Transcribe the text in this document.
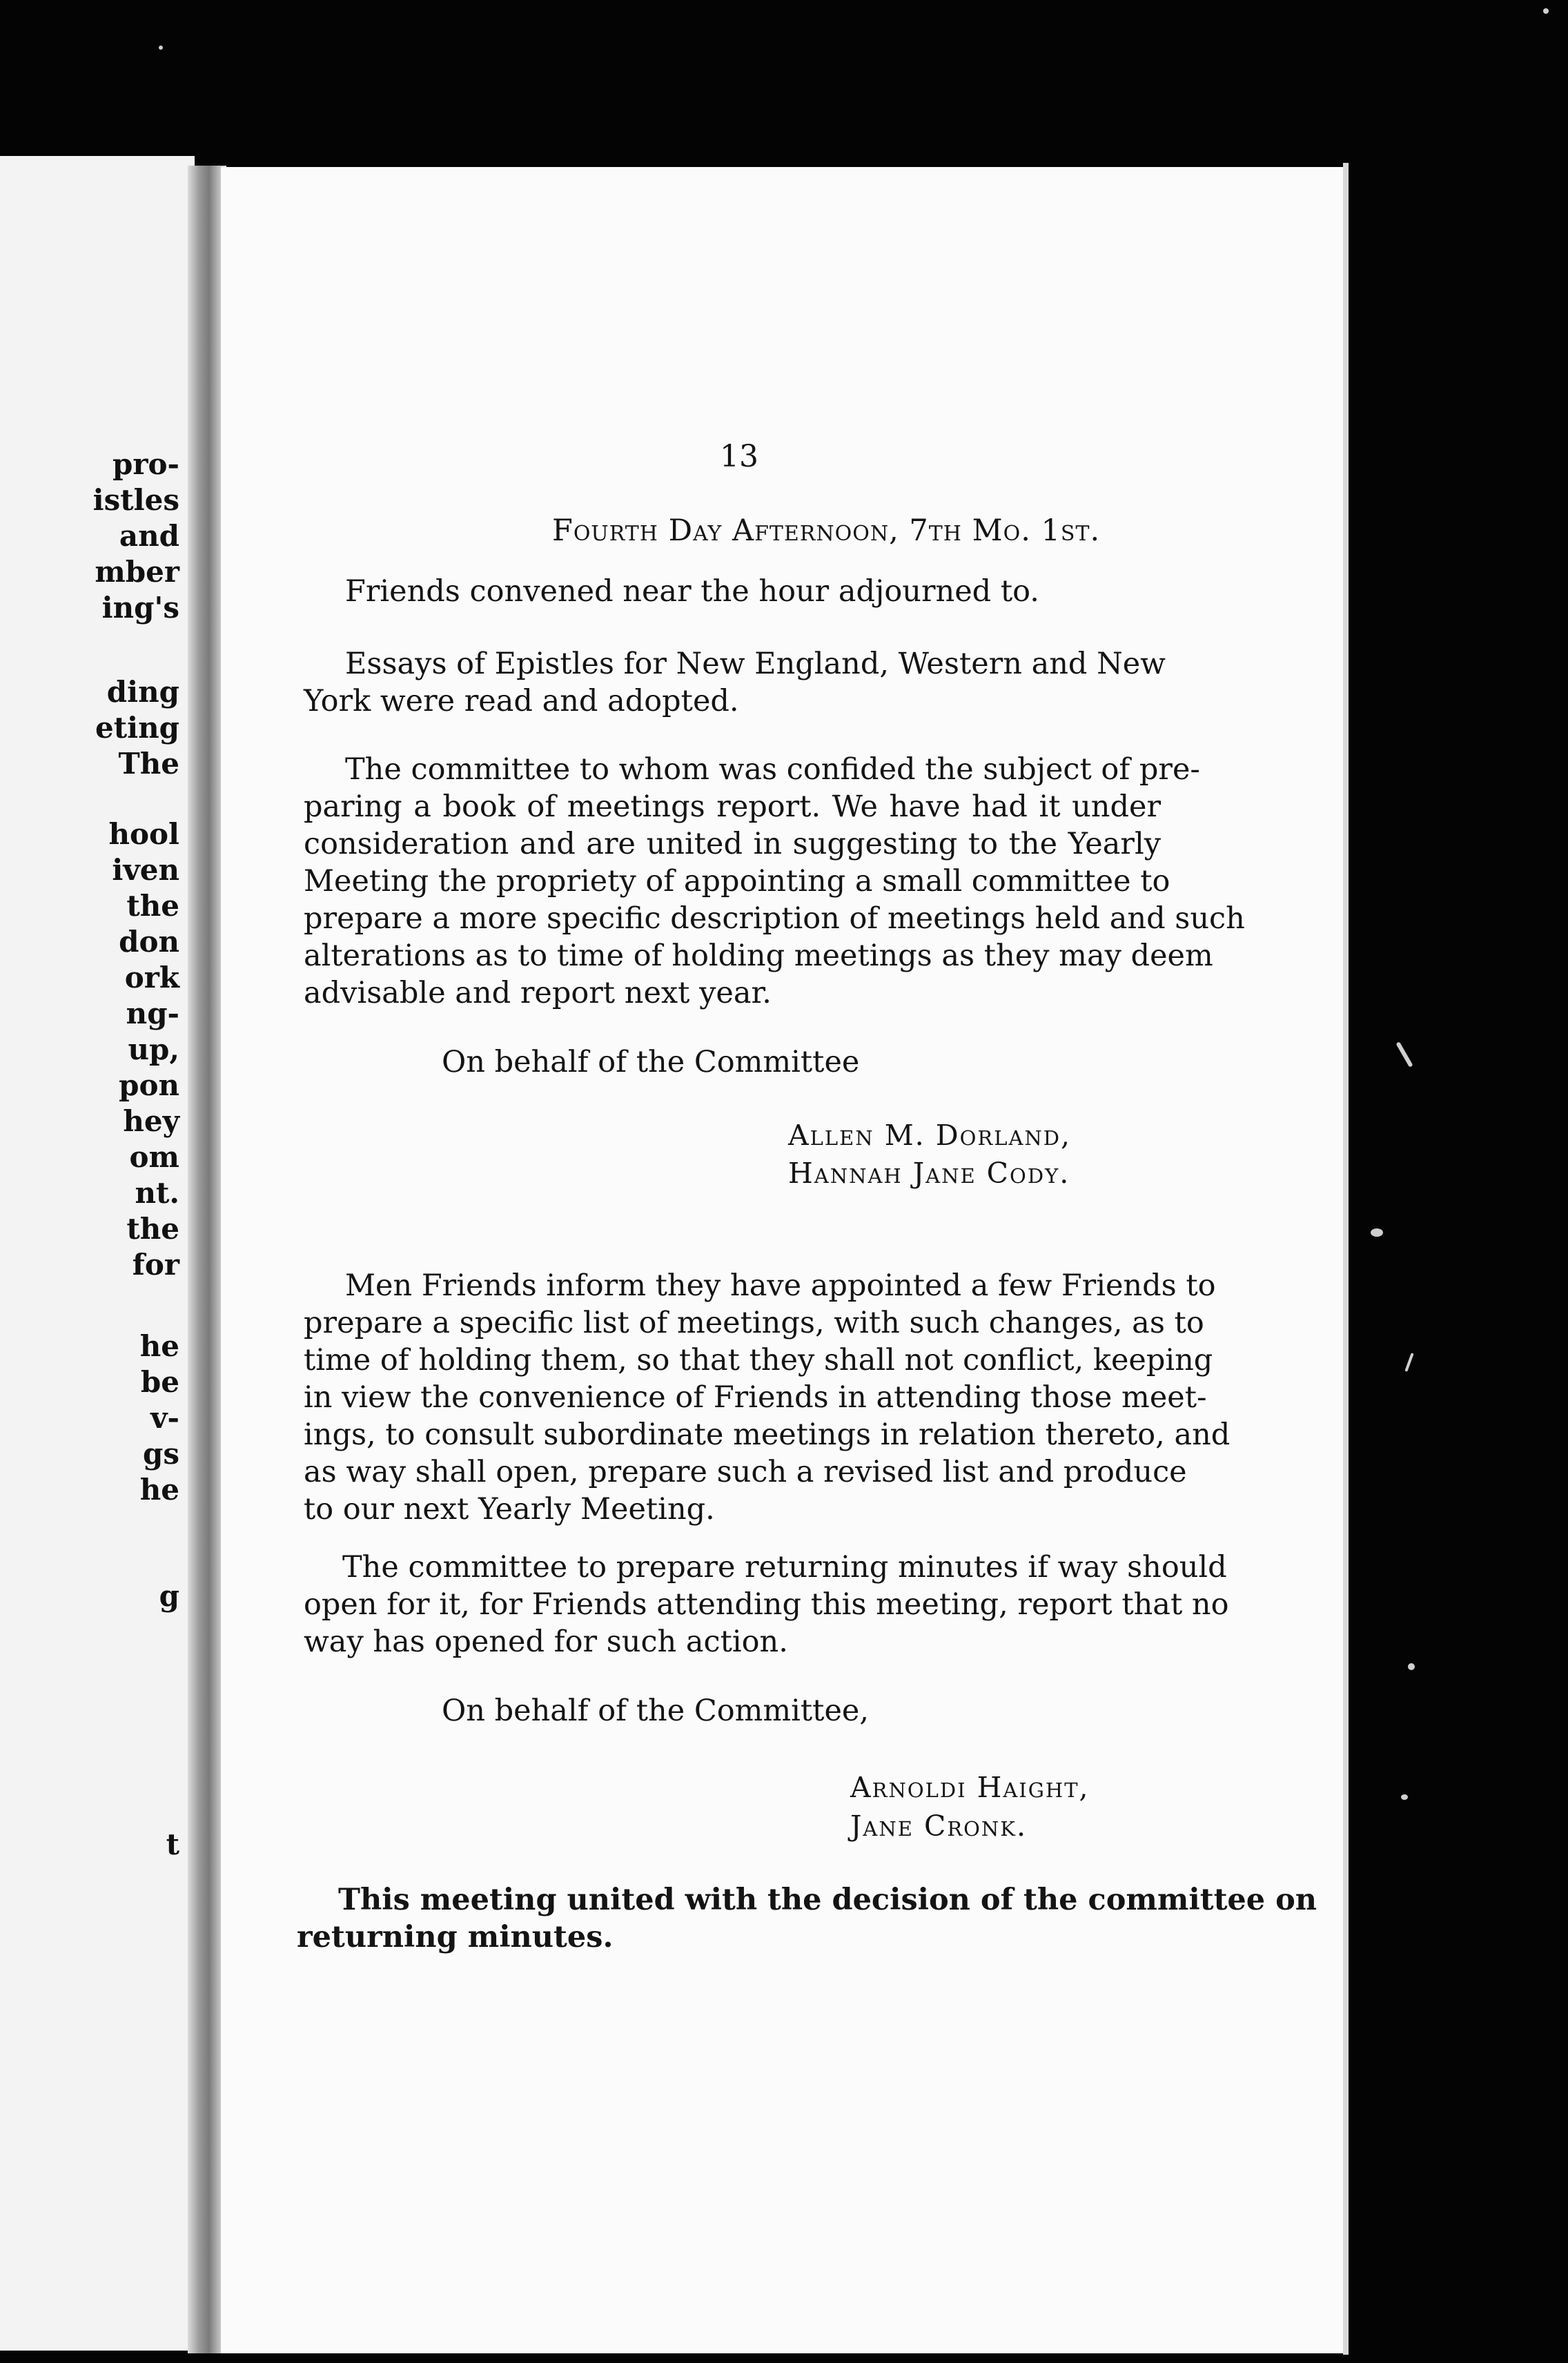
pro-
istles
and
mber
ing's
ding
eting
The
hool
iven
the
don
ork
ng-
up,
pon
hey
om
nt.
the
for
he
be
v-
gs
he
g
t
13
Fourth Day Afternoon, 7th Mo. 1st.
Friends convened near the hour adjourned to.
Essays of Epistles for New England, Western and New
York were read and adopted.
The committee to whom was confided the subject of pre-
paring a book of meetings report. We have had it under
consideration and are united in suggesting to the Yearly
Meeting the propriety of appointing a small committee to
prepare a more specific description of meetings held and such
alterations as to time of holding meetings as they may deem
advisable and report next year.
On behalf of the Committee
Allen M. Dorland,
Hannah Jane Cody.
Men Friends inform they have appointed a few Friends to
prepare a specific list of meetings, with such changes, as to
time of holding them, so that they shall not conflict, keeping
in view the convenience of Friends in attending those meet-
ings, to consult subordinate meetings in relation thereto, and
as way shall open, prepare such a revised list and produce
to our next Yearly Meeting.
The committee to prepare returning minutes if way should
open for it, for Friends attending this meeting, report that no
way has opened for such action.
On behalf of the Committee,
Arnoldi Haight,
Jane Cronk.
This meeting united with the decision of the committee on
returning minutes.
